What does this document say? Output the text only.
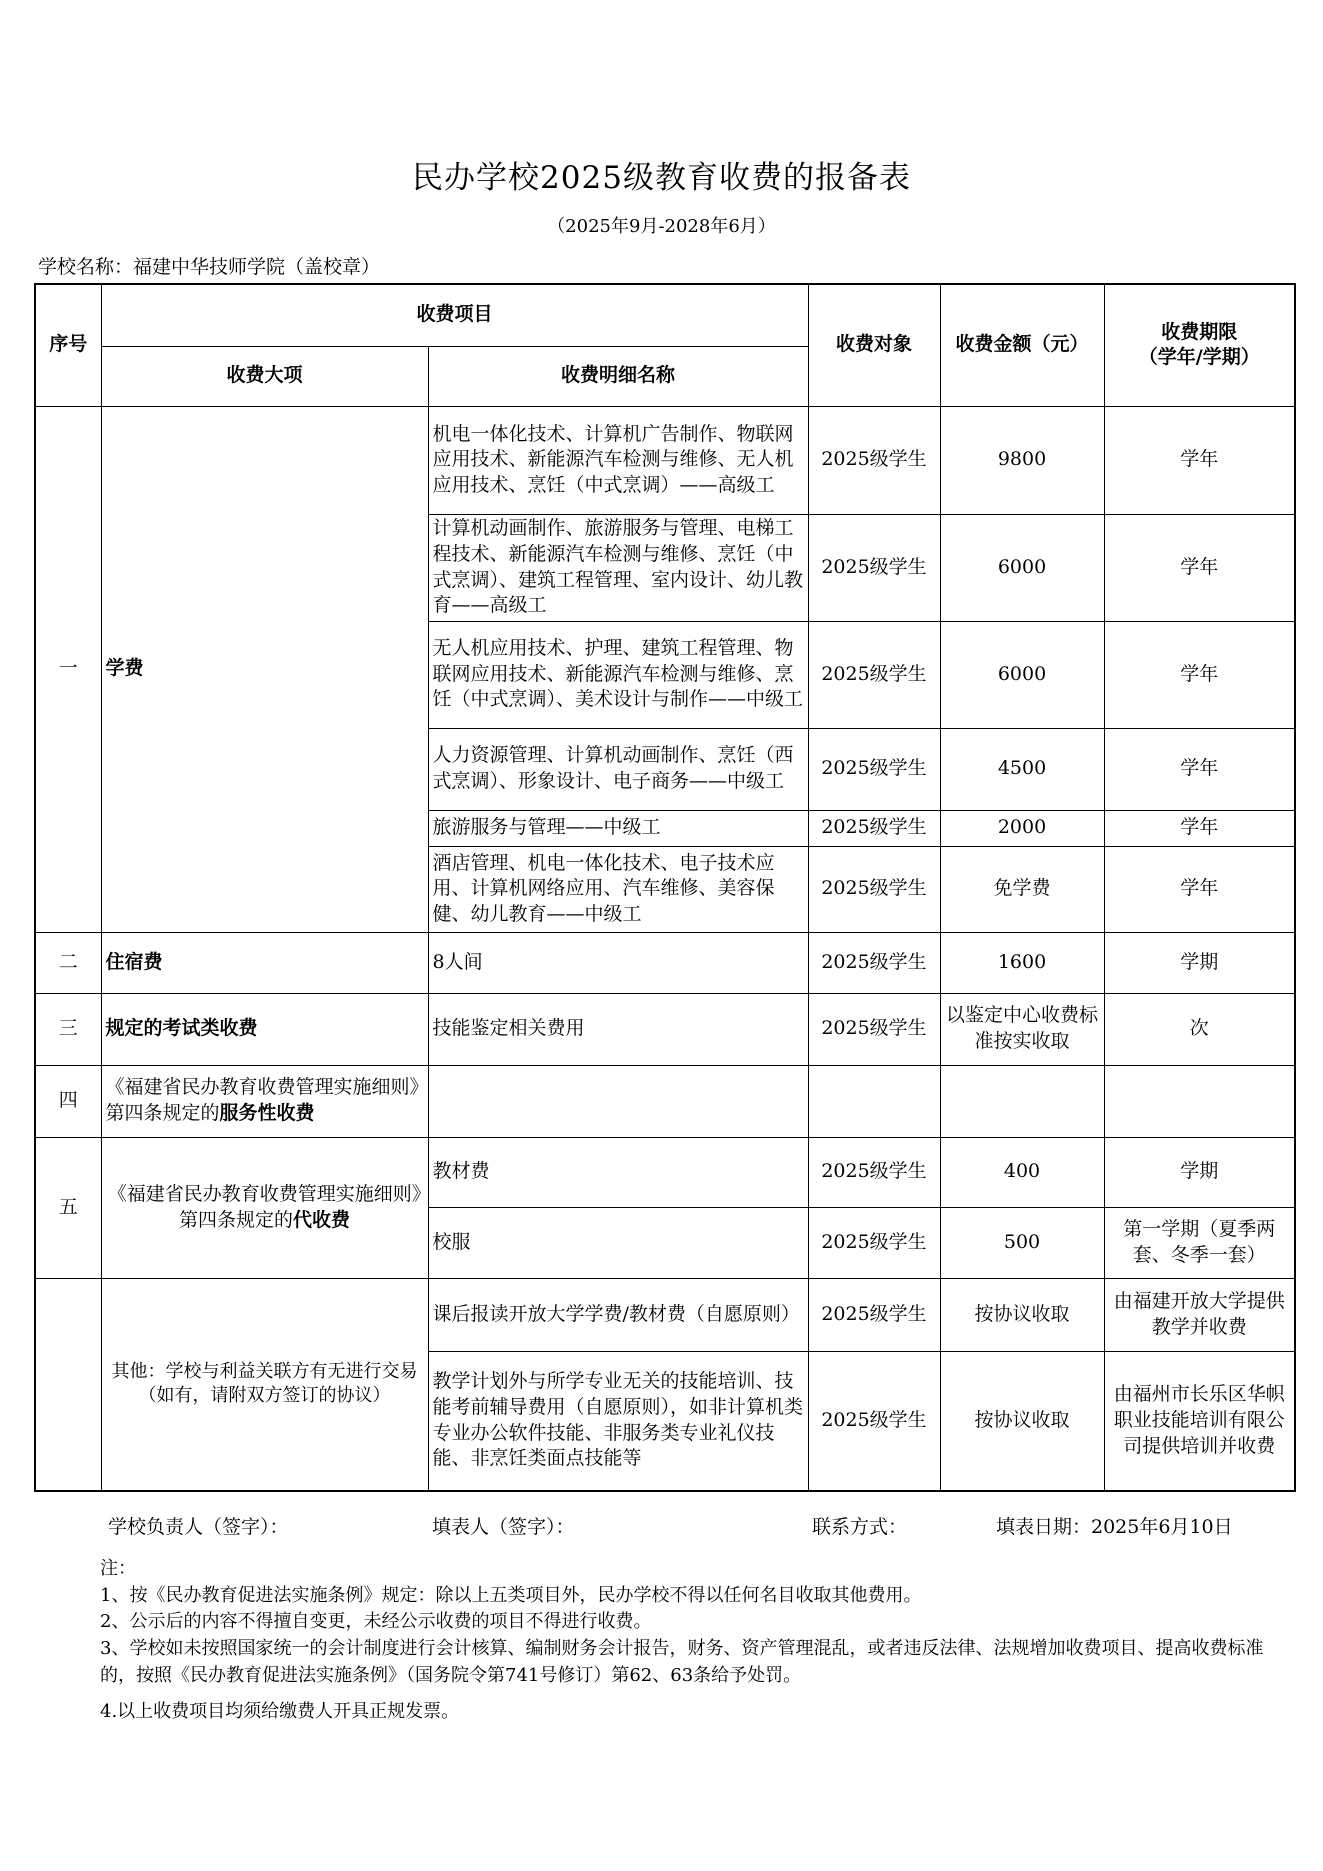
民办学校2025级教育收费的报备表
（2025年9月-2028年6月）
学校名称：福建中华技师学院（盖校章）
序号	收费项目		收费对象	收费金额（元）	收费期限
（学年/学期）

	收费大项	收费明细名称			
一	学费	机电一体化技术、计算机广告制作、物联网应用技术、新能源汽车检测与维修、无人机应用技术、烹饪（中式烹调）——高级工	2025级学生	9800	学年
		计算机动画制作、旅游服务与管理、电梯工程技术、新能源汽车检测与维修、烹饪（中式烹调）、建筑工程管理、室内设计、幼儿教育——高级工	2025级学生	6000	学年
		无人机应用技术、护理、建筑工程管理、物联网应用技术、新能源汽车检测与维修、烹饪（中式烹调）、美术设计与制作——中级工	2025级学生	6000	学年
		人力资源管理、计算机动画制作、烹饪（西式烹调）、形象设计、电子商务——中级工	2025级学生	4500	学年
		旅游服务与管理——中级工	2025级学生	2000	学年
		酒店管理、机电一体化技术、电子技术应用、计算机网络应用、汽车维修、美容保健、幼儿教育——中级工	2025级学生	免学费	学年
二	住宿费	8人间	2025级学生	1600	学期
三	规定的考试类收费	技能鉴定相关费用	2025级学生	以鉴定中心收费标准按实收取	次
四	《福建省民办教育收费管理实施细则》第四条规定的服务性收费				
五	《福建省民办教育收费管理实施细则》第四条规定的代收费	教材费	2025级学生	400	学期
		校服	2025级学生	500	第一学期（夏季两套、冬季一套）
	其他：学校与利益关联方有无进行交易（如有，请附双方签订的协议）	课后报读开放大学学费/教材费（自愿原则）	2025级学生	按协议收取	由福建开放大学提供教学并收费
		教学计划外与所学专业无关的技能培训、技能考前辅导费用（自愿原则），如非计算机类专业办公软件技能、非服务类专业礼仪技能、非烹饪类面点技能等	2025级学生	按协议收取	由福州市长乐区华帜职业技能培训有限公司提供培训并收费
学校负责人（签字）：	填表人（签字）：	联系方式：	填表日期：2025年6月10日

注：

1、按《民办教育促进法实施条例》规定：除以上五类项目外，民办学校不得以任何名目收取其他费用。

2、公示后的内容不得擅自变更，未经公示收费的项目不得进行收费。

3、学校如未按照国家统一的会计制度进行会计核算、编制财务会计报告，财务、资产管理混乱，或者违反法律、法规增加收费项目、提高收费标准的，按照《民办教育促进法实施条例》（国务院令第741号修订）第62、63条给予处罚。

4.以上收费项目均须给缴费人开具正规发票。
